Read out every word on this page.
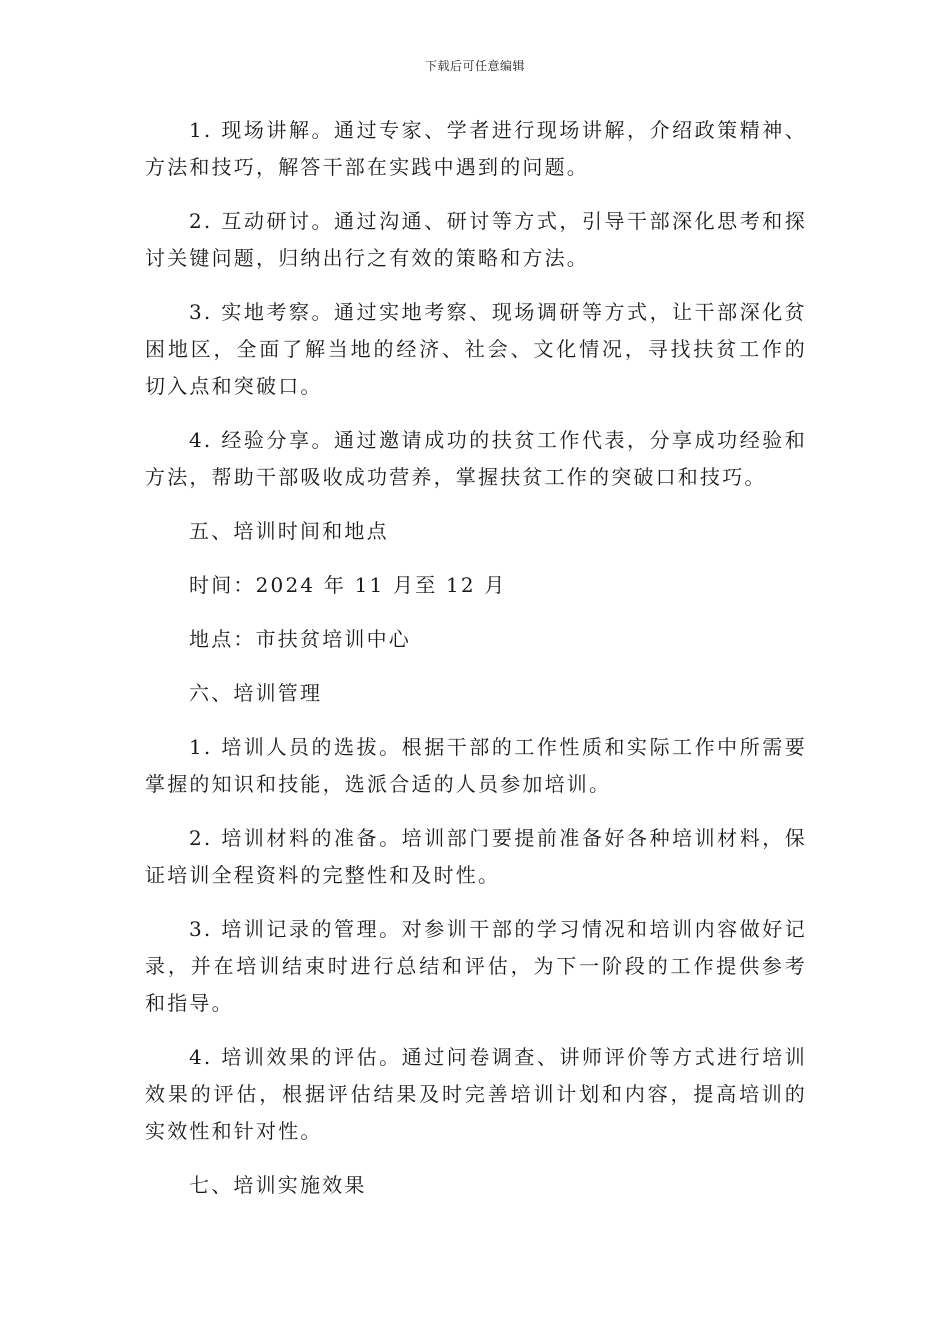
下载后可任意编辑

1. 现场讲解。通过专家、学者进行现场讲解，介绍政策精神、方法和技巧，解答干部在实践中遇到的问题。

2. 互动研讨。通过沟通、研讨等方式，引导干部深化思考和探讨关键问题，归纳出行之有效的策略和方法。

3. 实地考察。通过实地考察、现场调研等方式，让干部深化贫困地区，全面了解当地的经济、社会、文化情况，寻找扶贫工作的切入点和突破口。

4. 经验分享。通过邀请成功的扶贫工作代表，分享成功经验和方法，帮助干部吸收成功营养，掌握扶贫工作的突破口和技巧。

五、培训时间和地点

时间：2024 年 11 月至 12 月

地点：市扶贫培训中心

六、培训管理

1. 培训人员的选拔。根据干部的工作性质和实际工作中所需要掌握的知识和技能，选派合适的人员参加培训。

2. 培训材料的准备。培训部门要提前准备好各种培训材料，保证培训全程资料的完整性和及时性。

3. 培训记录的管理。对参训干部的学习情况和培训内容做好记录，并在培训结束时进行总结和评估，为下一阶段的工作提供参考和指导。

4. 培训效果的评估。通过问卷调查、讲师评价等方式进行培训效果的评估，根据评估结果及时完善培训计划和内容，提高培训的实效性和针对性。

七、培训实施效果
